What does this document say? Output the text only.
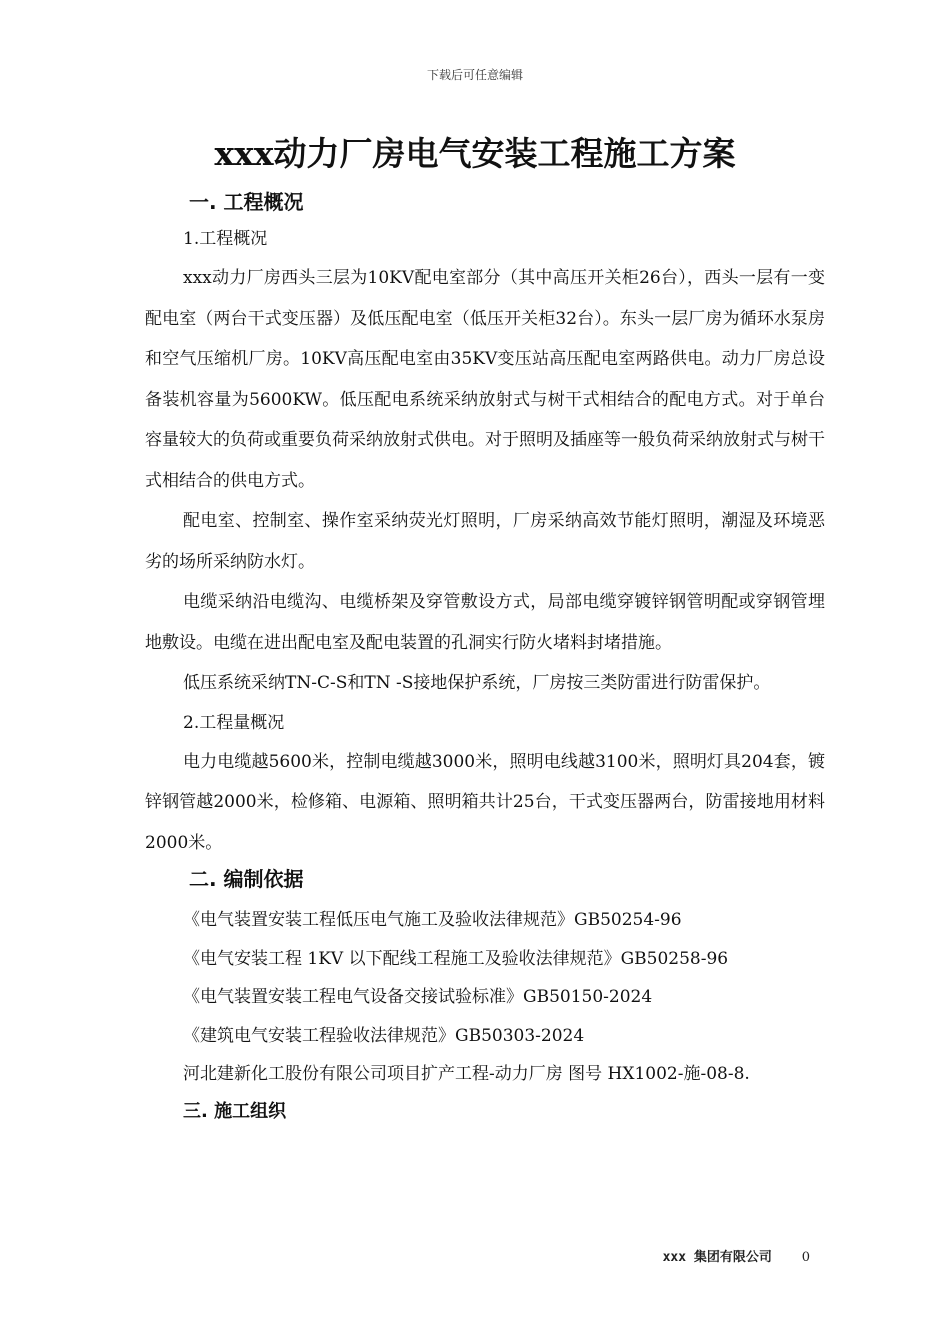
下载后可任意编辑
xxx动力厂房电气安装工程施工方案
一. 工程概况
1.工程概况

xxx动力厂房西头三层为10KV配电室部分（其中高压开关柜26台），西头一层有一变配电室（两台干式变压器）及低压配电室（低压开关柜32台）。东头一层厂房为循环水泵房和空气压缩机厂房。10KV高压配电室由35KV变压站高压配电室两路供电。动力厂房总设备装机容量为5600KW。低压配电系统采纳放射式与树干式相结合的配电方式。对于单台容量较大的负荷或重要负荷采纳放射式供电。对于照明及插座等一般负荷采纳放射式与树干式相结合的供电方式。

配电室、控制室、操作室采纳荧光灯照明，厂房采纳高效节能灯照明，潮湿及环境恶劣的场所采纳防水灯。

电缆采纳沿电缆沟、电缆桥架及穿管敷设方式，局部电缆穿镀锌钢管明配或穿钢管埋地敷设。电缆在进出配电室及配电装置的孔洞实行防火堵料封堵措施。

低压系统采纳TN-C-S和TN -S接地保护系统，厂房按三类防雷进行防雷保护。

2.工程量概况

电力电缆越5600米，控制电缆越3000米，照明电线越3100米，照明灯具204套，镀锌钢管越2000米，检修箱、电源箱、照明箱共计25台，干式变压器两台，防雷接地用材料2000米。

二. 编制依据
《电气装置安装工程低压电气施工及验收法律规范》GB50254-96
《电气安装工程 1KV 以下配线工程施工及验收法律规范》GB50258-96
《电气装置安装工程电气设备交接试验标准》GB50150-2024
《建筑电气安装工程验收法律规范》GB50303-2024
河北建新化工股份有限公司项目扩产工程-动力厂房 图号 HX1002-施-08-8.
三. 施工组织
xxx 集团有限公司 0
